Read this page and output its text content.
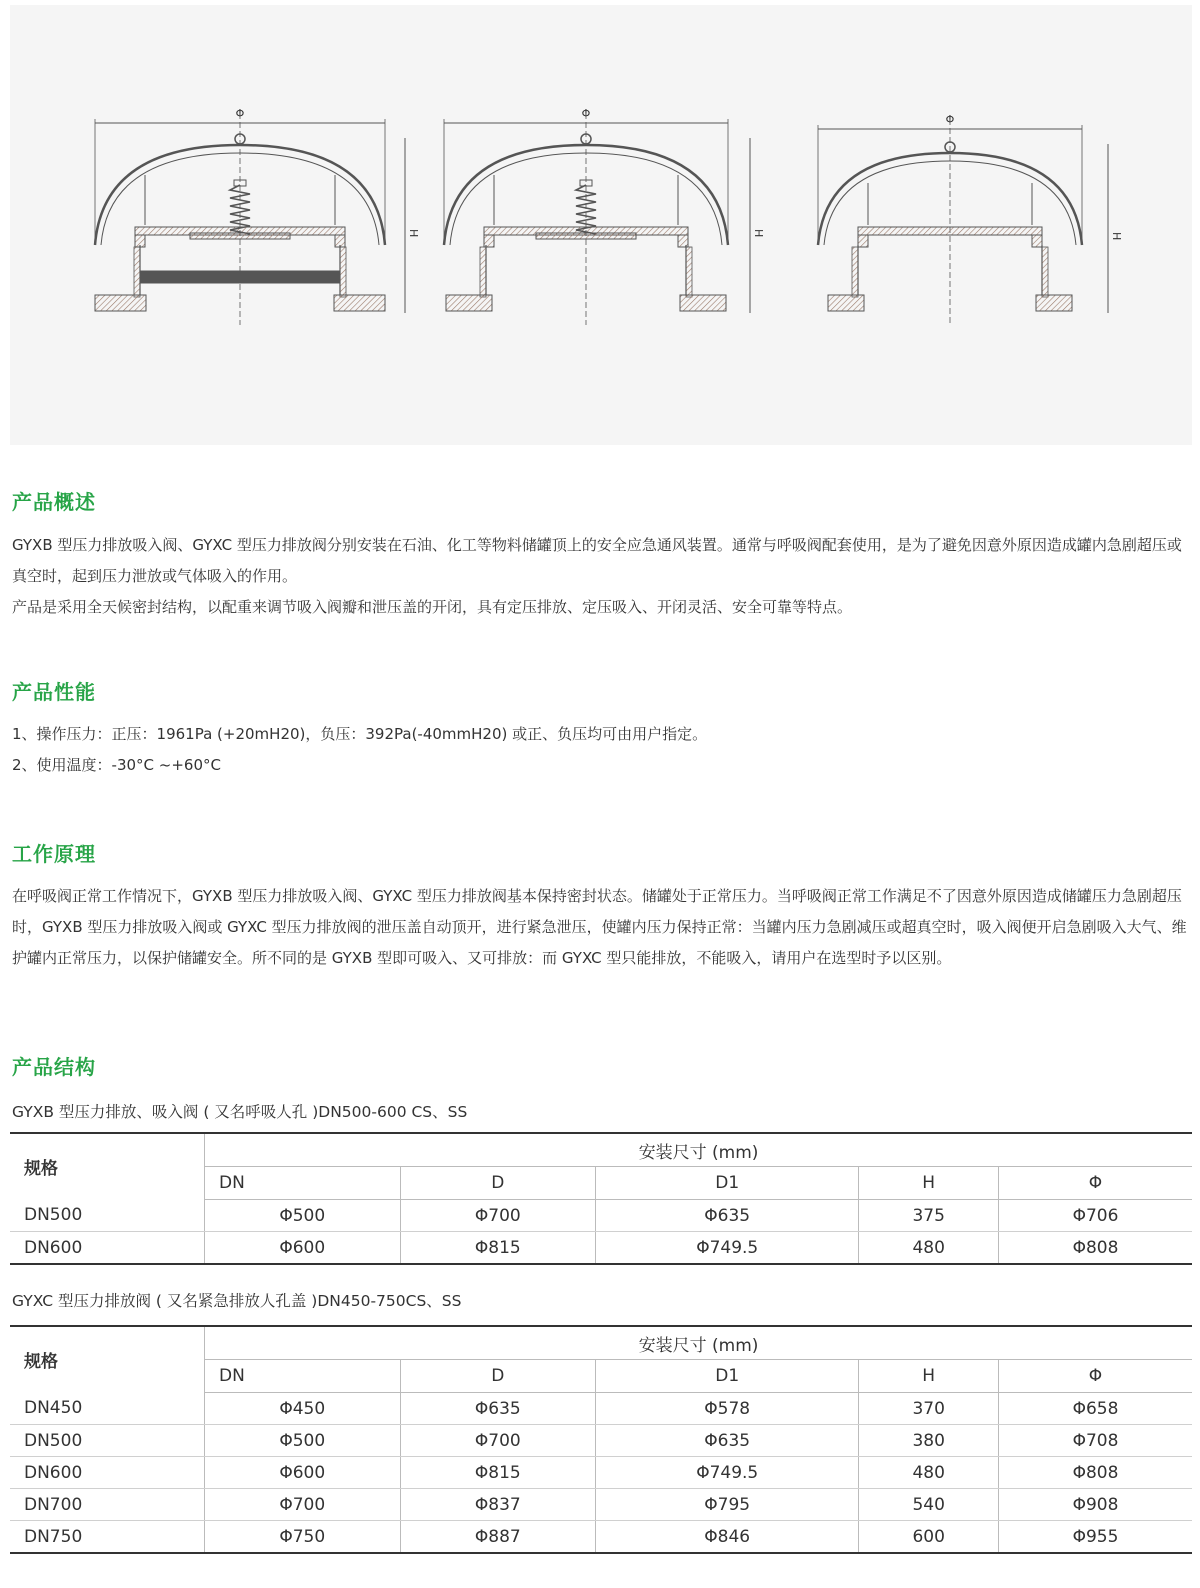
Φ
H
Φ
H
Φ
H
产品概述

GYXB 型压力排放吸入阀、GYXC 型压力排放阀分别安装在石油、化工等物料储罐顶上的安全应急通风装置。通常与呼吸阀配套使用，是为了避免因意外原因造成罐内急剧超压或真空时，起到压力泄放或气体吸入的作用。

产品是采用全天候密封结构，以配重来调节吸入阀瓣和泄压盖的开闭，具有定压排放、定压吸入、开闭灵活、安全可靠等特点。

产品性能

1、操作压力：正压：1961Pa (+20mH20)，负压：392Pa(-40mmH20) 或正、负压均可由用户指定。

2、使用温度：-30°C ~+60°C

工作原理

在呼吸阀正常工作情况下，GYXB 型压力排放吸入阀、GYXC 型压力排放阀基本保持密封状态。储罐处于正常压力。当呼吸阀正常工作满足不了因意外原因造成储罐压力急剧超压时，GYXB 型压力排放吸入阀或 GYXC 型压力排放阀的泄压盖自动顶开，进行紧急泄压，使罐内压力保持正常：当罐内压力急剧减压或超真空时，吸入阀便开启急剧吸入大气、维护罐内正常压力，以保护储罐安全。所不同的是 GYXB 型即可吸入、又可排放：而 GYXC 型只能排放，不能吸入，请用户在选型时予以区别。

产品结构

GYXB 型压力排放、吸入阀 ( 又名呼吸人孔 )DN500-600 CS、SS

规格	安装尺寸 (mm)				
	DN	D	D1	H	Φ
DN500	Φ500	Φ700	Φ635	375	Φ706
DN600	Φ600	Φ815	Φ749.5	480	Φ808

GYXC 型压力排放阀 ( 又名紧急排放人孔盖 )DN450-750CS、SS

规格	安装尺寸 (mm)				
	DN	D	D1	H	Φ
DN450	Φ450	Φ635	Φ578	370	Φ658
DN500	Φ500	Φ700	Φ635	380	Φ708
DN600	Φ600	Φ815	Φ749.5	480	Φ808
DN700	Φ700	Φ837	Φ795	540	Φ908
DN750	Φ750	Φ887	Φ846	600	Φ955
